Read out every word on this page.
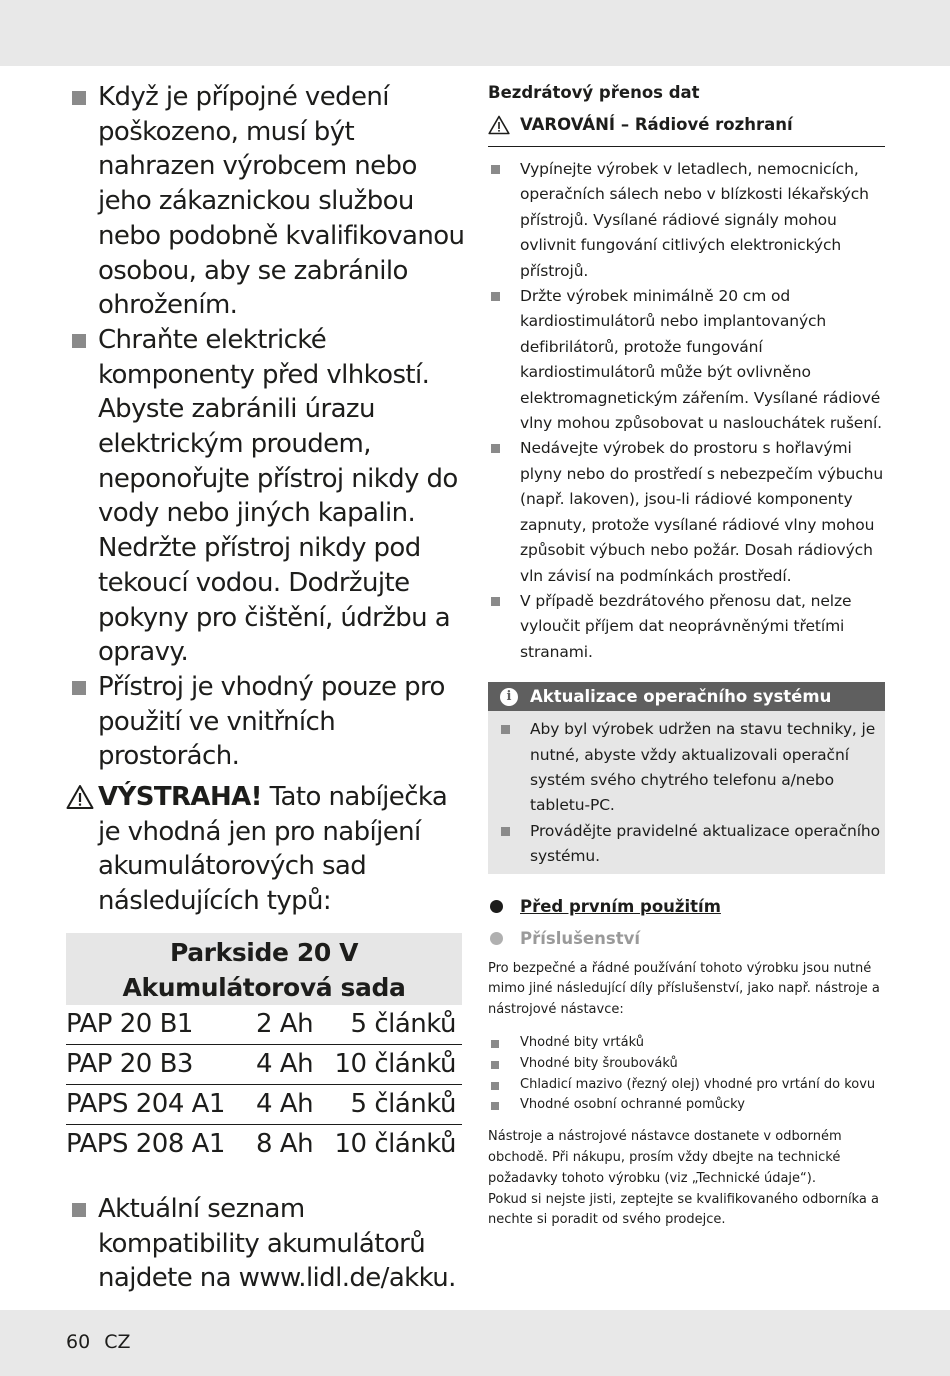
Když je přípojné vedení poškozeno, musí být nahrazen výrobcem nebo jeho zákaznickou službou nebo podobně kvalifikovanou osobou, aby se zabránilo ohrožením.
Chraňte elektrické komponenty před vlhkostí. Abyste zabránili úrazu elektrickým proudem, neponořujte přístroj nikdy do vody nebo jiných kapalin. Nedržte přístroj nikdy pod tekoucí vodou. Dodržujte pokyny pro čištění, údržbu a opravy.
Přístroj je vhodný pouze pro použití ve vnitřních prostorách.
VÝSTRAHA! Tato nabíječka je vhodná jen pro nabíjení akumulátorových sad následujících typů:
Parkside 20 V
Akumulátorová sada
PAP 20 B1	2 Ah	5 článků
PAP 20 B3	4 Ah 10 článků
PAPS 204 A1	4 Ah	5 článků
PAPS 208 A1	8 Ah 10 článků
Aktuální seznam kompatibility akumulátorů najdete na www.lidl.de/akku.
Bezdrátový přenos dat
VAROVÁNÍ – Rádiové rozhraní
Vypínejte výrobek v letadlech, nemocnicích, operačních sálech nebo v blízkosti lékařských přístrojů. Vysílané rádiové signály mohou ovlivnit fungování citlivých elektronických přístrojů.
Držte výrobek minimálně 20 cm od kardiostimulátorů nebo implantovaných defibrilátorů, protože fungování kardiostimulátorů může být ovlivněno elektromagnetickým zářením. Vysílané rádiové vlny mohou způsobovat u naslouchátek rušení.
Nedávejte výrobek do prostoru s hořlavými plyny nebo do prostředí s nebezpečím výbuchu (např. lakoven), jsou-li rádiové komponenty zapnuty, protože vysílané rádiové vlny mohou způsobit výbuch nebo požár. Dosah rádiových vln závisí na podmínkách prostředí.
V případě bezdrátového přenosu dat, nelze vyloučit příjem dat neoprávněnými třetími stranami.
i	Aktualizace operačního systému
Aby byl výrobek udržen na stavu techniky, je nutné, abyste vždy aktualizovali operační systém svého chytrého telefonu a/nebo tabletu-PC.
Provádějte pravidelné aktualizace operačního systému.
Před prvním použitím
Příslušenství
Pro bezpečné a řádné používání tohoto výrobku jsou nutné mimo jiné následující díly příslušenství, jako např. nástroje a nástrojové nástavce:
Vhodné bity vrtáků
Vhodné bity šroubováků
Chladicí mazivo (řezný olej) vhodné pro vrtání do kovu
Vhodné osobní ochranné pomůcky
Nástroje a nástrojové nástavce dostanete v odborném obchodě. Při nákupu, prosím vždy dbejte na technické požadavky tohoto výrobku (viz „Technické údaje“).
Pokud si nejste jisti, zeptejte se kvalifikovaného odborníka a nechte si poradit od svého prodejce.
60 CZ
